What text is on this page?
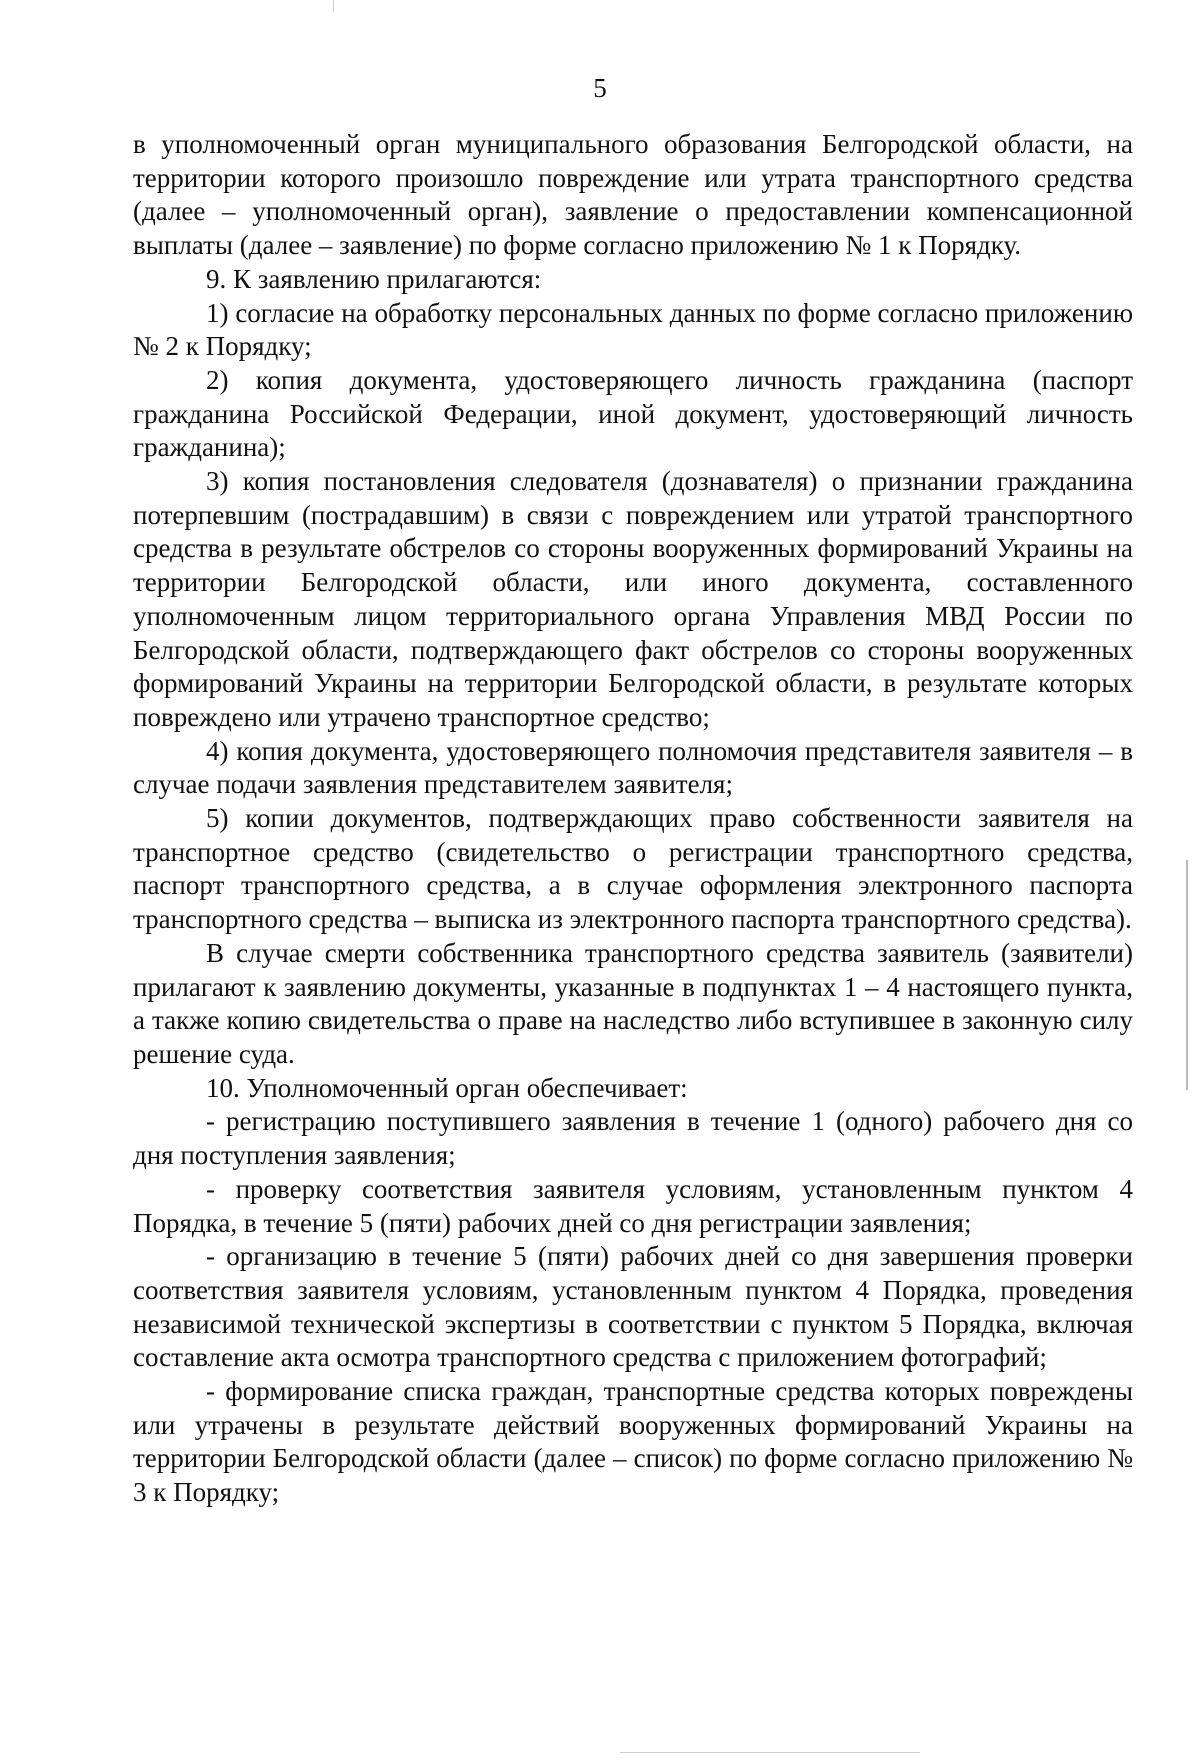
5

в уполномоченный орган муниципального образования Белгородской области, на территории которого произошло повреждение или утрата транспортного средства (далее – уполномоченный орган), заявление о предоставлении компенсационной выплаты (далее – заявление) по форме согласно приложению № 1 к Порядку.

9. К заявлению прилагаются:

1) согласие на обработку персональных данных по форме согласно приложению № 2 к Порядку;

2) копия документа, удостоверяющего личность гражданина (паспорт гражданина Российской Федерации, иной документ, удостоверяющий личность гражданина);

3) копия постановления следователя (дознавателя) о признании гражданина потерпевшим (пострадавшим) в связи с повреждением или утратой транспортного средства в результате обстрелов со стороны вооруженных формирований Украины на территории Белгородской области, или иного документа, составленного уполномоченным лицом территориального органа Управления МВД России по Белгородской области, подтверждающего факт обстрелов со стороны вооруженных формирований Украины на территории Белгородской области, в результате которых повреждено или утрачено транспортное средство;

4) копия документа, удостоверяющего полномочия представителя заявителя – в случае подачи заявления представителем заявителя;

5) копии документов, подтверждающих право собственности заявителя на транспортное средство (свидетельство о регистрации транспортного средства, паспорт транспортного средства, а в случае оформления электронного паспорта транспортного средства – выписка из электронного паспорта транспортного средства).

В случае смерти собственника транспортного средства заявитель (заявители) прилагают к заявлению документы, указанные в подпунктах 1 – 4 настоящего пункта, а также копию свидетельства о праве на наследство либо вступившее в законную силу решение суда.

10. Уполномоченный орган обеспечивает:

- регистрацию поступившего заявления в течение 1 (одного) рабочего дня со дня поступления заявления;

- проверку соответствия заявителя условиям, установленным пунктом 4 Порядка, в течение 5 (пяти) рабочих дней со дня регистрации заявления;

- организацию в течение 5 (пяти) рабочих дней со дня завершения проверки соответствия заявителя условиям, установленным пунктом 4 Порядка, проведения независимой технической экспертизы в соответствии с пунктом 5 Порядка, включая составление акта осмотра транспортного средства с приложением фотографий;

- формирование списка граждан, транспортные средства которых повреждены или утрачены в результате действий вооруженных формирований Украины на территории Белгородской области (далее – список) по форме согласно приложению № 3 к Порядку;
